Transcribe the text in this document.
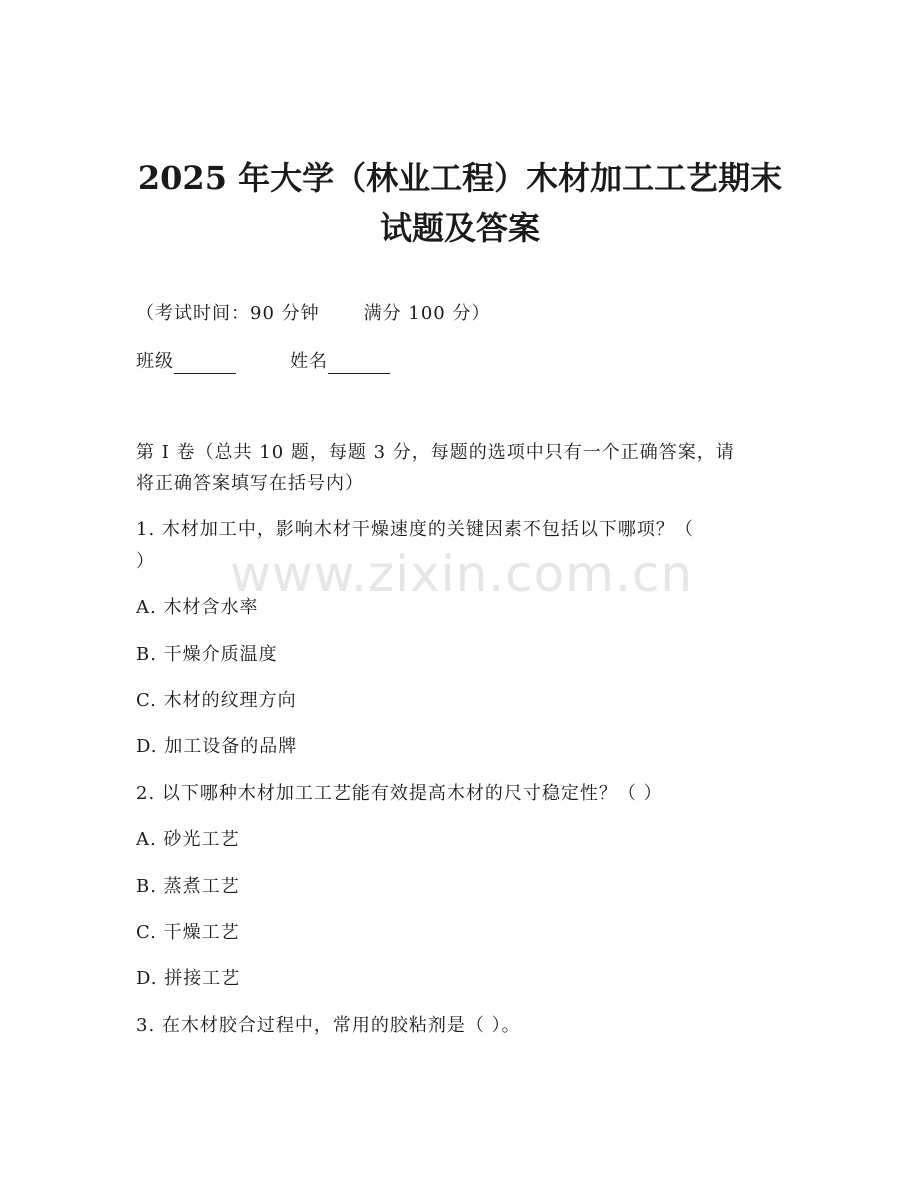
www.zixin.com.cn
2025 年大学（林业工程）木材加工工艺期末
试题及答案
（考试时间：90 分钟 满分 100 分）
班级	姓名
第 I 卷（总共 10 题，每题 3 分，每题的选项中只有一个正确答案，请
将正确答案填写在括号内）
1. 木材加工中，影响木材干燥速度的关键因素不包括以下哪项？（
）
A. 木材含水率
B. 干燥介质温度
C. 木材的纹理方向
D. 加工设备的品牌
2. 以下哪种木材加工工艺能有效提高木材的尺寸稳定性？（ ）
A. 砂光工艺
B. 蒸煮工艺
C. 干燥工艺
D. 拼接工艺
3. 在木材胶合过程中，常用的胶粘剂是（ ）。
